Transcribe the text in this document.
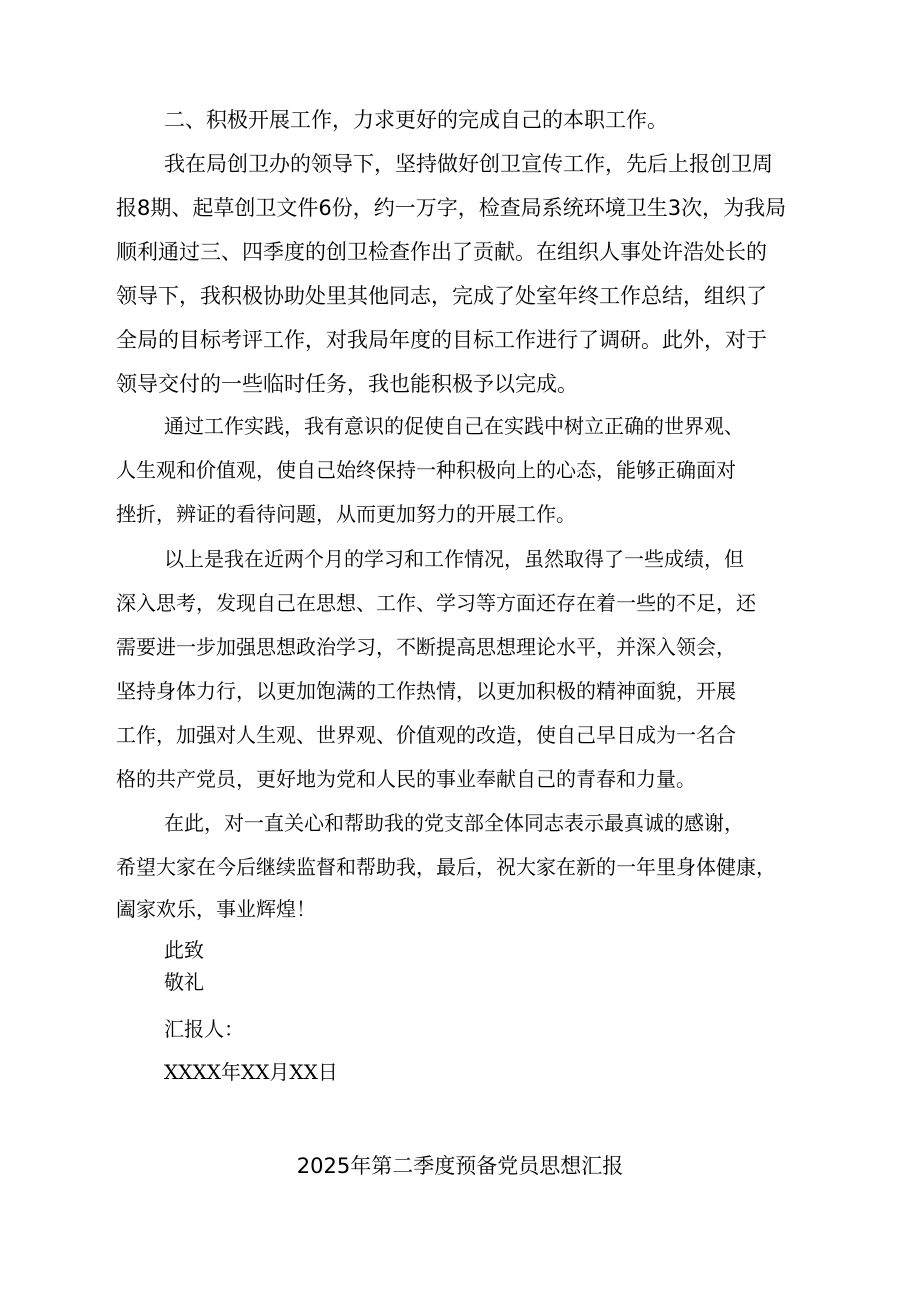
二、积极开展工作，力求更好的完成自己的本职工作。
我在局创卫办的领导下，坚持做好创卫宣传工作，先后上报创卫周
报8期、起草创卫文件6份，约一万字，检查局系统环境卫生3次，为我局
顺利通过三、四季度的创卫检查作出了贡献。在组织人事处许浩处长的
领导下，我积极协助处里其他同志，完成了处室年终工作总结，组织了
全局的目标考评工作，对我局年度的目标工作进行了调研。此外，对于
领导交付的一些临时任务，我也能积极予以完成。
通过工作实践，我有意识的促使自己在实践中树立正确的世界观、
人生观和价值观，使自己始终保持一种积极向上的心态，能够正确面对
挫折，辨证的看待问题，从而更加努力的开展工作。
以上是我在近两个月的学习和工作情况，虽然取得了一些成绩，但
深入思考，发现自己在思想、工作、学习等方面还存在着一些的不足，还
需要进一步加强思想政治学习，不断提高思想理论水平，并深入领会，
坚持身体力行，以更加饱满的工作热情，以更加积极的精神面貌，开展
工作，加强对人生观、世界观、价值观的改造，使自己早日成为一名合
格的共产党员，更好地为党和人民的事业奉献自己的青春和力量。
在此，对一直关心和帮助我的党支部全体同志表示最真诚的感谢，
希望大家在今后继续监督和帮助我，最后，祝大家在新的一年里身体健康，
阖家欢乐，事业辉煌！
此致
敬礼
汇报人：
XXXX年XX月XX日
2025年第二季度预备党员思想汇报
